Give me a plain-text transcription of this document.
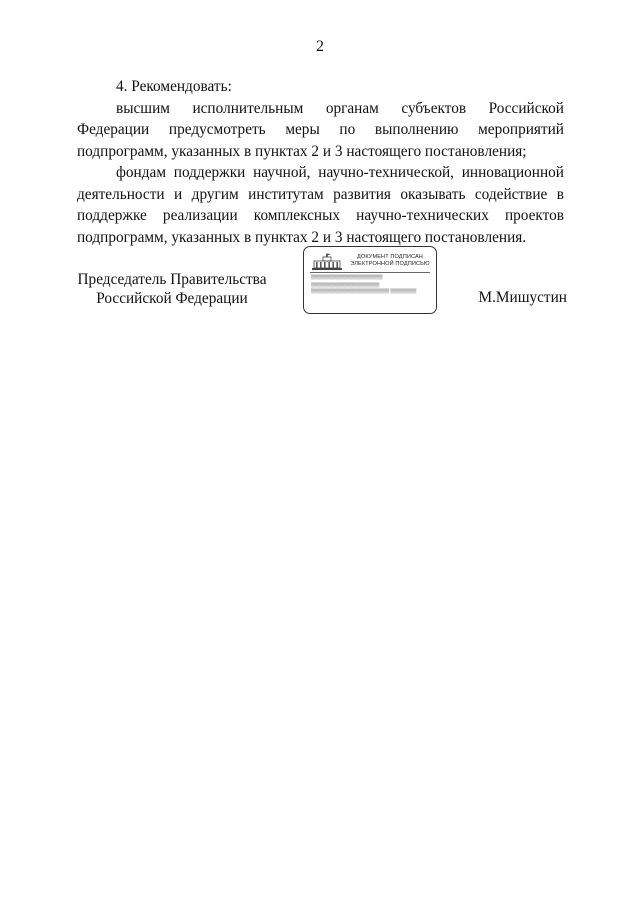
2

4. Рекомендовать:

высшим исполнительным органам субъектов Российской Федерации предусмотреть меры по выполнению мероприятий подпрограмм, указанных в пунктах 2 и 3 настоящего постановления;

фондам поддержки научной, научно-технической, инновационной деятельности и другим институтам развития оказывать содействие в поддержке реализации комплексных научно-технических проектов подпрограмм, указанных в пунктах 2 и 3 настоящего постановления.

Председатель Правительства
Российской Федерации
ДОКУМЕНТ ПОДПИСАН
ЭЛЕКТРОННОЙ ПОДПИСЬЮ
▒▒▒▒▒▒▒▒▒▒▒▒▒▒▒▒▒▒▒▒▒▒
▒▒▒▒▒▒▒▒▒▒▒▒▒▒▒▒▒▒▒▒▒
▒▒▒▒▒▒▒▒▒▒▒▒▒▒▒▒▒▒▒▒▒▒▒▒ ▒▒▒▒▒▒▒▒	М.Мишустин
